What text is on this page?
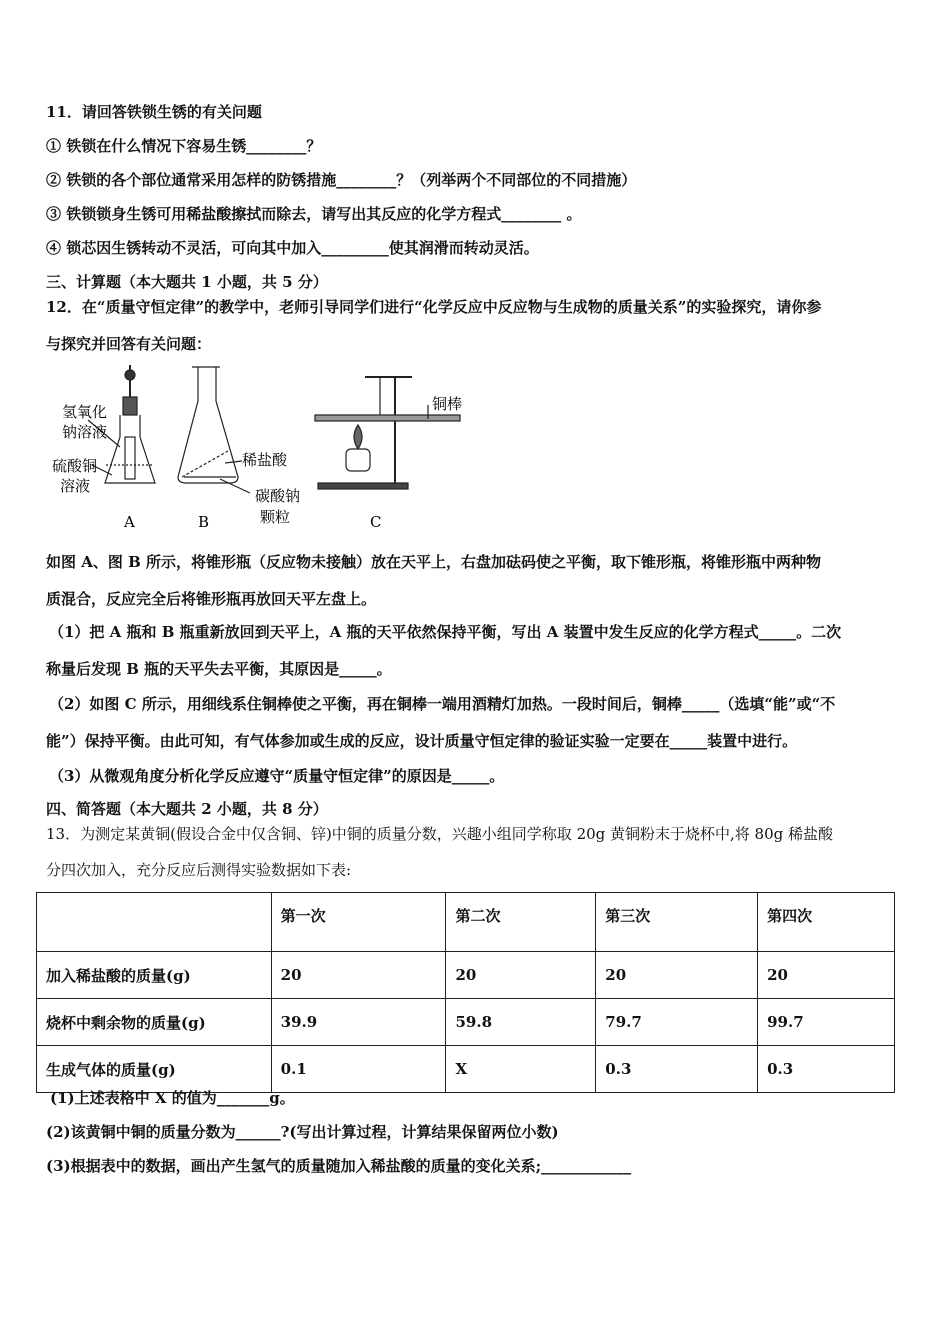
11．请回答铁锁生锈的有关问题
① 铁锁在什么情况下容易生锈________？
② 铁锁的各个部位通常采用怎样的防锈措施________？（列举两个不同部位的不同措施）
③ 铁锁锁身生锈可用稀盐酸擦拭而除去，请写出其反应的化学方程式________ 。
④ 锁芯因生锈转动不灵活，可向其中加入_________使其润滑而转动灵活。
三、计算题（本大题共 1 小题，共 5 分）
12．在“质量守恒定律”的教学中，老师引导同学们进行“化学反应中反应物与生成物的质量关系”的实验探究，请你参
与探究并回答有关问题：
氢氧化
钠溶液
硫酸铜
溶液
A
稀盐酸
碳酸钠
颗粒
B
铜棒
C
如图 A、图 B 所示，将锥形瓶（反应物未接触）放在天平上，右盘加砝码使之平衡，取下锥形瓶，将锥形瓶中两种物
质混合，反应完全后将锥形瓶再放回天平左盘上。
（1）把 A 瓶和 B 瓶重新放回到天平上，A 瓶的天平依然保持平衡，写出 A 装置中发生反应的化学方程式_____。二次
称量后发现 B 瓶的天平失去平衡，其原因是_____。
（2）如图 C 所示，用细线系住铜棒使之平衡，再在铜棒一端用酒精灯加热。一段时间后，铜棒_____（选填“能”或“不
能”）保持平衡。由此可知，有气体参加或生成的反应，设计质量守恒定律的验证实验一定要在_____装置中进行。
（3）从微观角度分析化学反应遵守“质量守恒定律”的原因是_____。
四、简答题（本大题共 2 小题，共 8 分）
13．为测定某黄铜(假设合金中仅含铜、锌)中铜的质量分数，兴趣小组同学称取 20g 黄铜粉末于烧杯中,将 80g 稀盐酸
分四次加入，充分反应后测得实验数据如下表:
	第一次	第二次	第三次	第四次
加入稀盐酸的质量(g)	20	20	20	20
烧杯中剩余物的质量(g)	39.9	59.8	79.7	99.7
生成气体的质量(g)	0.1	X	0.3	0.3
(1)上述表格中 X 的值为_______g。
(2)该黄铜中铜的质量分数为______?(写出计算过程，计算结果保留两位小数)
(3)根据表中的数据，画出产生氢气的质量随加入稀盐酸的质量的变化关系;____________
